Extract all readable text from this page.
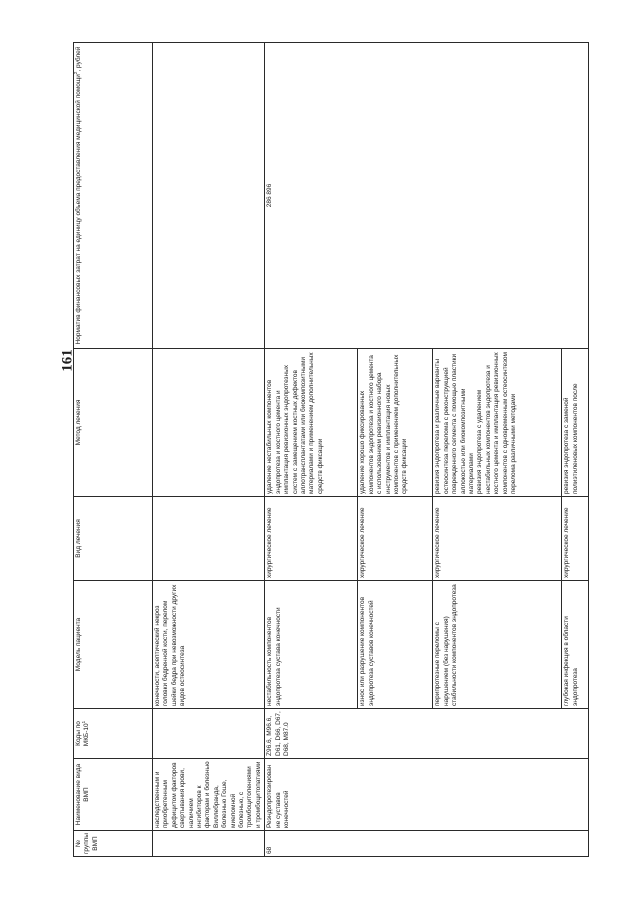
161
№ группы ВМП	Наименование вида ВМП	Коды по МКБ-$10^1$	Модель пациента	Вид лечения	Метод лечения	Норматив финансовых затрат на единицу объема предоставления медицинской помощи$^2$, рублей
	наследственным и приобретенным дефицитом факторов свертывания крови, наличием ингибиторов к факторам и болезнью Виллебранда, болезнью Гоше, миеломной болезнью, с тромбоцитопениями и тромбоцитопатиями		конечности, асептический некроз головки бедренной кости, перелом шейки бедра при невозможности других видов остеосинтеза			
68	Реэндопротезирование суставов конечностей	Z96.6, M96.6, D61, D66, D67, D68, M87.0	нестабильность компонентов эндопротеза сустава конечности	хирургическое лечение	удаление нестабильных компонентов эндопротеза и костного цемента и имплантация ревизионных эндопротезных систем с замещением костных дефектов аллотрансплантатами или биокомпозитными материалами и применением дополнительных средств фиксации	286 896
			износ или разрушение компонентов эндопротеза суставов конечностей	хирургическое лечение	удаление хорошо фиксированных компонентов эндопротеза и костного цемента с использованием ревизионного набора инструментов и имплантация новых компонентов с применением дополнительных средств фиксации	
			перипротезные переломы с нарушением (без нарушения) стабильности компонентов эндопротеза	хирургическое лечение	ревизия эндопротеза и различные варианты остеосинтеза перелома с реконструкцией поврежденного сегмента с помощью пластики аллокостью или биокомпозитными материалами ревизия эндопротеза с удалением нестабильных компонентов эндопротеза и костного цемента и имплантация ревизионных компонентов с одновременным остеосинтезом перелома различными методами	

			глубокая инфекция в области эндопротеза	хирургическое лечение	ревизия эндопротеза с заменой полиэтиленовых компонентов после	
